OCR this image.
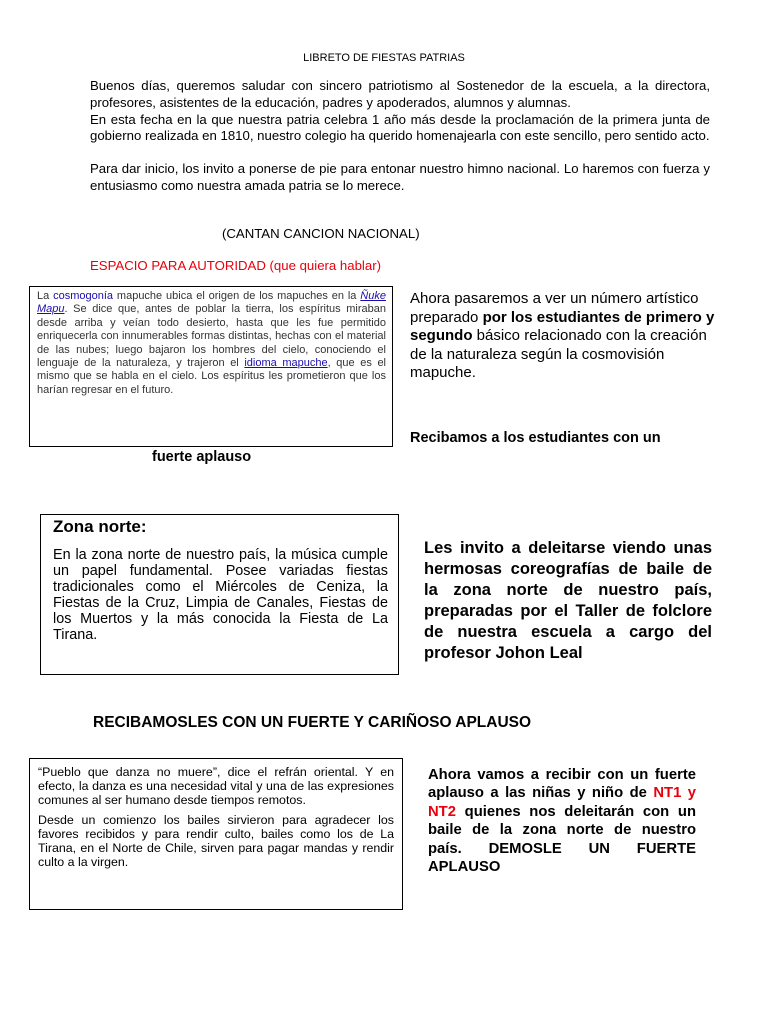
LIBRETO DE FIESTAS PATRIAS

Buenos días, queremos saludar con sincero patriotismo al Sostenedor de la escuela, a la directora, profesores, asistentes de la educación, padres y apoderados, alumnos y alumnas.

En esta fecha en la que nuestra patria celebra 1 año más desde la proclamación de la primera junta de gobierno realizada en 1810, nuestro colegio ha querido homenajearla con este sencillo, pero sentido acto.

Para dar inicio, los invito a ponerse de pie para entonar nuestro himno nacional. Lo haremos con fuerza y entusiasmo como nuestra amada patria se lo merece.

(CANTAN CANCION NACIONAL)
ESPACIO PARA AUTORIDAD (que quiera hablar)
La cosmogonía mapuche ubica el origen de los mapuches en la Ñuke Mapu. Se dice que, antes de poblar la tierra, los espíritus miraban desde arriba y veían todo desierto, hasta que les fue permitido enriquecerla con innumerables formas distintas, hechas con el material de las nubes; luego bajaron los hombres del cielo, conociendo el lenguaje de la naturaleza, y trajeron el idioma mapuche, que es el mismo que se habla en el cielo. Los espíritus les prometieron que los harían regresar en el futuro.
Ahora pasaremos a ver un número artístico preparado por los estudiantes de primero y segundo básico relacionado con la creación de la naturaleza según la cosmovisión mapuche.
Recibamos a los estudiantes con un
fuerte aplauso

Zona norte:

En la zona norte de nuestro país, la música cumple un papel fundamental. Posee variadas fiestas tradicionales como el Miércoles de Ceniza, la Fiestas de la Cruz, Limpia de Canales, Fiestas de los Muertos y la más conocida la Fiesta de La Tirana.

Les invito a deleitarse viendo unas hermosas coreografías de baile de la zona norte de nuestro país, preparadas por el Taller de folclore de nuestra escuela a cargo del profesor Johon Leal
RECIBAMOSLES CON UN FUERTE Y CARIÑOSO APLAUSO

“Pueblo que danza no muere”, dice el refrán oriental. Y en efecto, la danza es una necesidad vital y una de las expresiones comunes al ser humano desde tiempos remotos.

Desde un comienzo los bailes sirvieron para agradecer los favores recibidos y para rendir culto, bailes como los de La Tirana, en el Norte de Chile, sirven para pagar mandas y rendir culto a la virgen.

Ahora vamos a recibir con un fuerte aplauso a las niñas y niño de NT1 y NT2 quienes nos deleitarán con un baile de la zona norte de nuestro país. DEMOSLE UN FUERTE APLAUSO
